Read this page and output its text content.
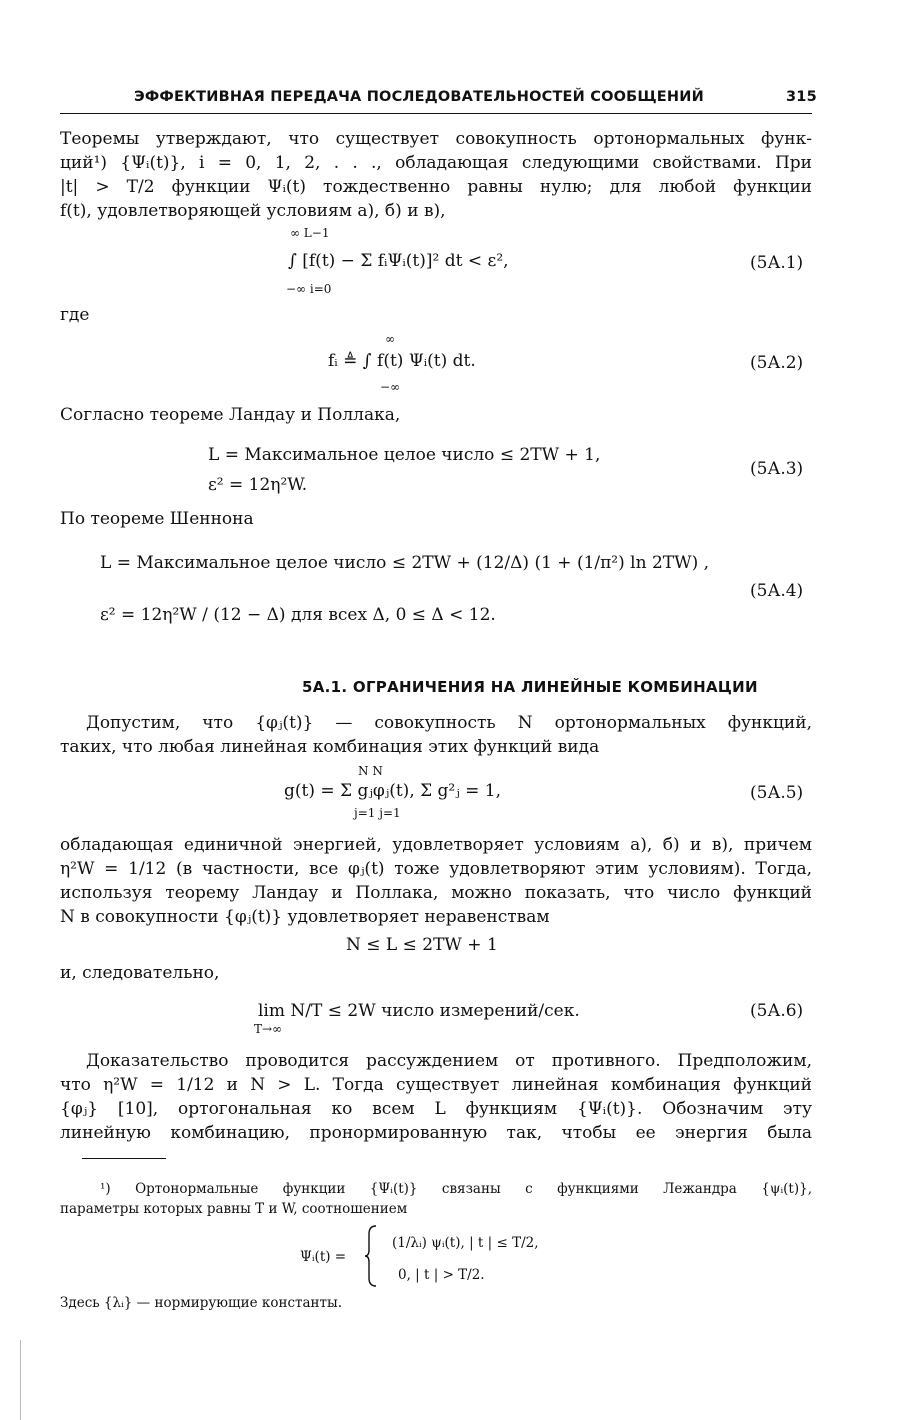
ЭФФЕКТИВНАЯ ПЕРЕДАЧА ПОСЛЕДОВАТЕЛЬНОСТЕЙ СООБЩЕНИЙ	315
Теоремы утверждают, что существует совокупность ортонормальных функ-
ций¹) {Ψᵢ(t)}, i = 0, 1, 2, . . ., обладающая следующими свойствами. При
|t| > T/2 функции Ψᵢ(t) тождественно равны нулю; для любой функции
f(t), удовлетворяющей условиям а), б) и в),
∞ L−1
∫ [f(t) − Σ fᵢΨᵢ(t)]² dt < ε²,
−∞ i=0
(5А.1)
где
∞
fᵢ ≜ ∫ f(t) Ψᵢ(t) dt.
−∞
(5А.2)
Согласно теореме Ландау и Поллака,
L = Максимальное целое число ≤ 2TW + 1,
ε² = 12η²W.
(5А.3)
По теореме Шеннона
L = Максимальное целое число ≤ 2TW + (12/Δ) (1 + (1/π²) ln 2TW) ,
ε² = 12η²W / (12 − Δ) для всех Δ, 0 ≤ Δ < 12.
(5А.4)
5А.1. ОГРАНИЧЕНИЯ НА ЛИНЕЙНЫЕ КОМБИНАЦИИ
Допустим, что {φⱼ(t)} — совокупность N ортонормальных функций,
таких, что любая линейная комбинация этих функций вида
N N
g(t) = Σ gⱼφⱼ(t), Σ g²ⱼ = 1,
j=1 j=1
(5А.5)
обладающая единичной энергией, удовлетворяет условиям а), б) и в), причем
η²W = 1/12 (в частности, все φⱼ(t) тоже удовлетворяют этим условиям). Тогда,
используя теорему Ландау и Поллака, можно показать, что число функций
N в совокупности {φⱼ(t)} удовлетворяет неравенствам
N ≤ L ≤ 2TW + 1
и, следовательно,
lim N/T ≤ 2W число измерений/сек.
T→∞
(5А.6)
Доказательство проводится рассуждением от противного. Предположим,
что η²W = 1/12 и N > L. Тогда существует линейная комбинация функций
{φⱼ} [10], ортогональная ко всем L функциям {Ψᵢ(t)}. Обозначим эту
линейную комбинацию, пронормированную так, чтобы ее энергия была
¹) Ортонормальные функции {Ψᵢ(t)} связаны с функциями Лежандра {ψᵢ(t)},
параметры которых равны T и W, соотношением
Ψᵢ(t) =
(1/λᵢ) ψᵢ(t), | t | ≤ T/2,
0, | t | > T/2.
Здесь {λᵢ} — нормирующие константы.
